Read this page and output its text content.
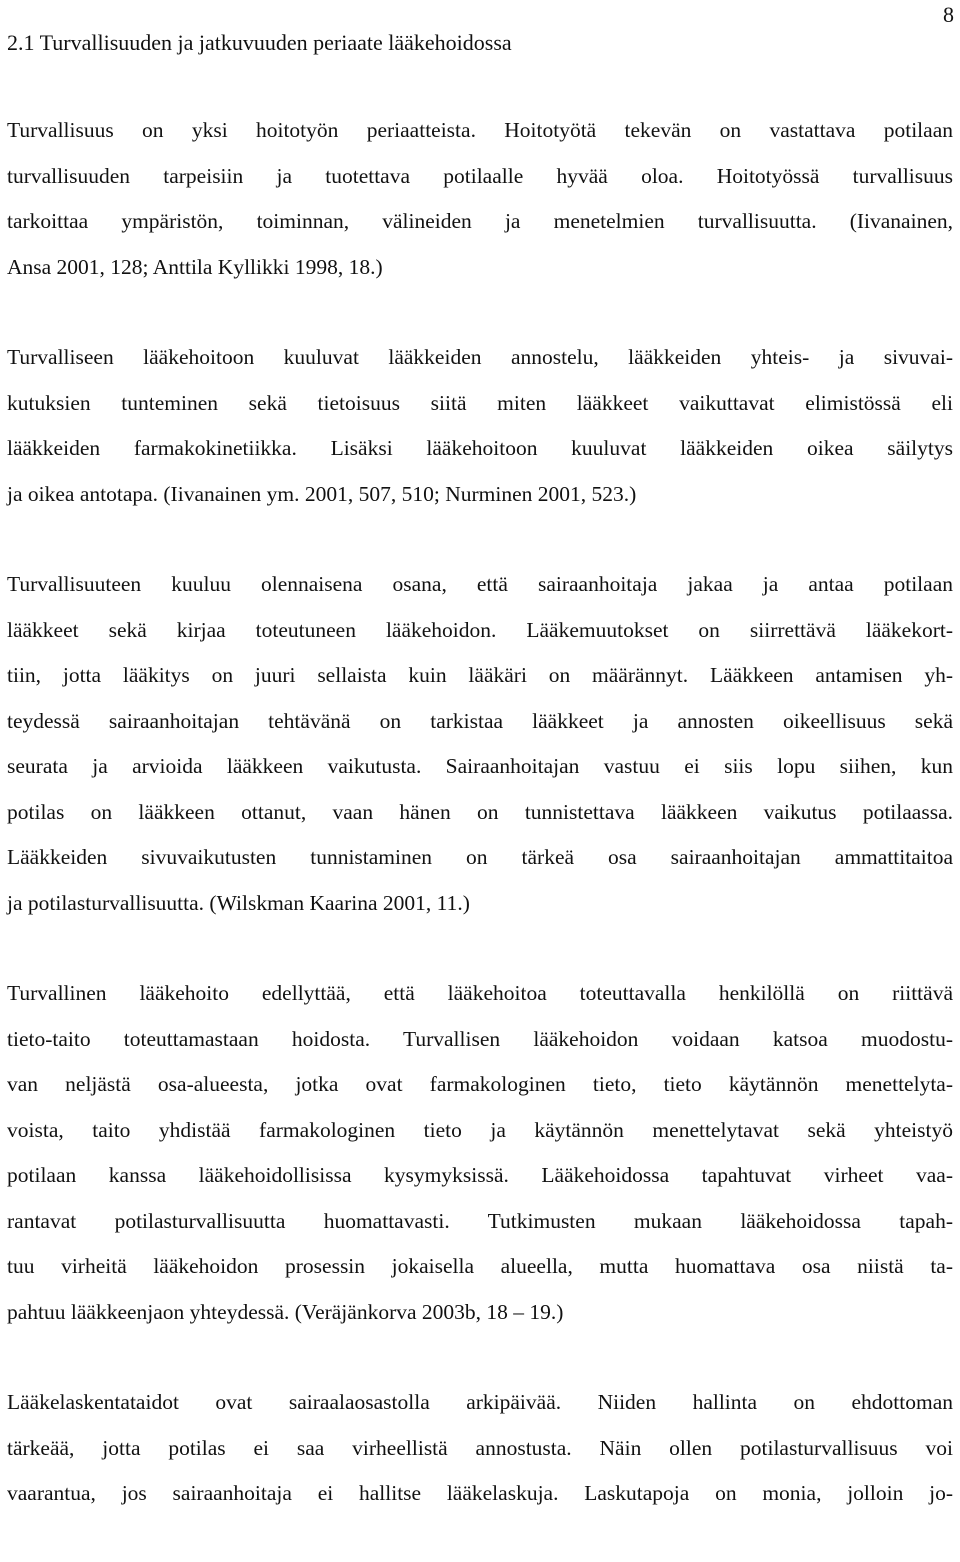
8
2.1 Turvallisuuden ja jatkuvuuden periaate lääkehoidossa

Turvallisuus on yksi hoitotyön periaatteista. Hoitotyötä tekevän on vastattava potilaan
turvallisuuden tarpeisiin ja tuotettava potilaalle hyvää oloa. Hoitotyössä turvallisuus
tarkoittaa ympäristön, toiminnan, välineiden ja menetelmien turvallisuutta. (Iivanainen,
Ansa 2001, 128; Anttila Kyllikki 1998, 18.)

Turvalliseen lääkehoitoon kuuluvat lääkkeiden annostelu, lääkkeiden yhteis- ja sivuvai-
kutuksien tunteminen sekä tietoisuus siitä miten lääkkeet vaikuttavat elimistössä eli
lääkkeiden farmakokinetiikka. Lisäksi lääkehoitoon kuuluvat lääkkeiden oikea säilytys
ja oikea antotapa. (Iivanainen ym. 2001, 507, 510; Nurminen 2001, 523.)

Turvallisuuteen kuuluu olennaisena osana, että sairaanhoitaja jakaa ja antaa potilaan
lääkkeet sekä kirjaa toteutuneen lääkehoidon. Lääkemuutokset on siirrettävä lääkekort-
tiin, jotta lääkitys on juuri sellaista kuin lääkäri on määrännyt. Lääkkeen antamisen yh-
teydessä sairaanhoitajan tehtävänä on tarkistaa lääkkeet ja annosten oikeellisuus sekä
seurata ja arvioida lääkkeen vaikutusta. Sairaanhoitajan vastuu ei siis lopu siihen, kun
potilas on lääkkeen ottanut, vaan hänen on tunnistettava lääkkeen vaikutus potilaassa.
Lääkkeiden sivuvaikutusten tunnistaminen on tärkeä osa sairaanhoitajan ammattitaitoa
ja potilasturvallisuutta. (Wilskman Kaarina 2001, 11.)

Turvallinen lääkehoito edellyttää, että lääkehoitoa toteuttavalla henkilöllä on riittävä
tieto-taito toteuttamastaan hoidosta. Turvallisen lääkehoidon voidaan katsoa muodostu-
van neljästä osa-alueesta, jotka ovat farmakologinen tieto, tieto käytännön menettelyta-
voista, taito yhdistää farmakologinen tieto ja käytännön menettelytavat sekä yhteistyö
potilaan kanssa lääkehoidollisissa kysymyksissä. Lääkehoidossa tapahtuvat virheet vaa-
rantavat potilasturvallisuutta huomattavasti. Tutkimusten mukaan lääkehoidossa tapah-
tuu virheitä lääkehoidon prosessin jokaisella alueella, mutta huomattava osa niistä ta-
pahtuu lääkkeenjaon yhteydessä. (Veräjänkorva 2003b, 18 – 19.)

Lääkelaskentataidot ovat sairaalaosastolla arkipäivää. Niiden hallinta on ehdottoman
tärkeää, jotta potilas ei saa virheellistä annostusta. Näin ollen potilasturvallisuus voi
vaarantua, jos sairaanhoitaja ei hallitse lääkelaskuja. Laskutapoja on monia, jolloin jo-
